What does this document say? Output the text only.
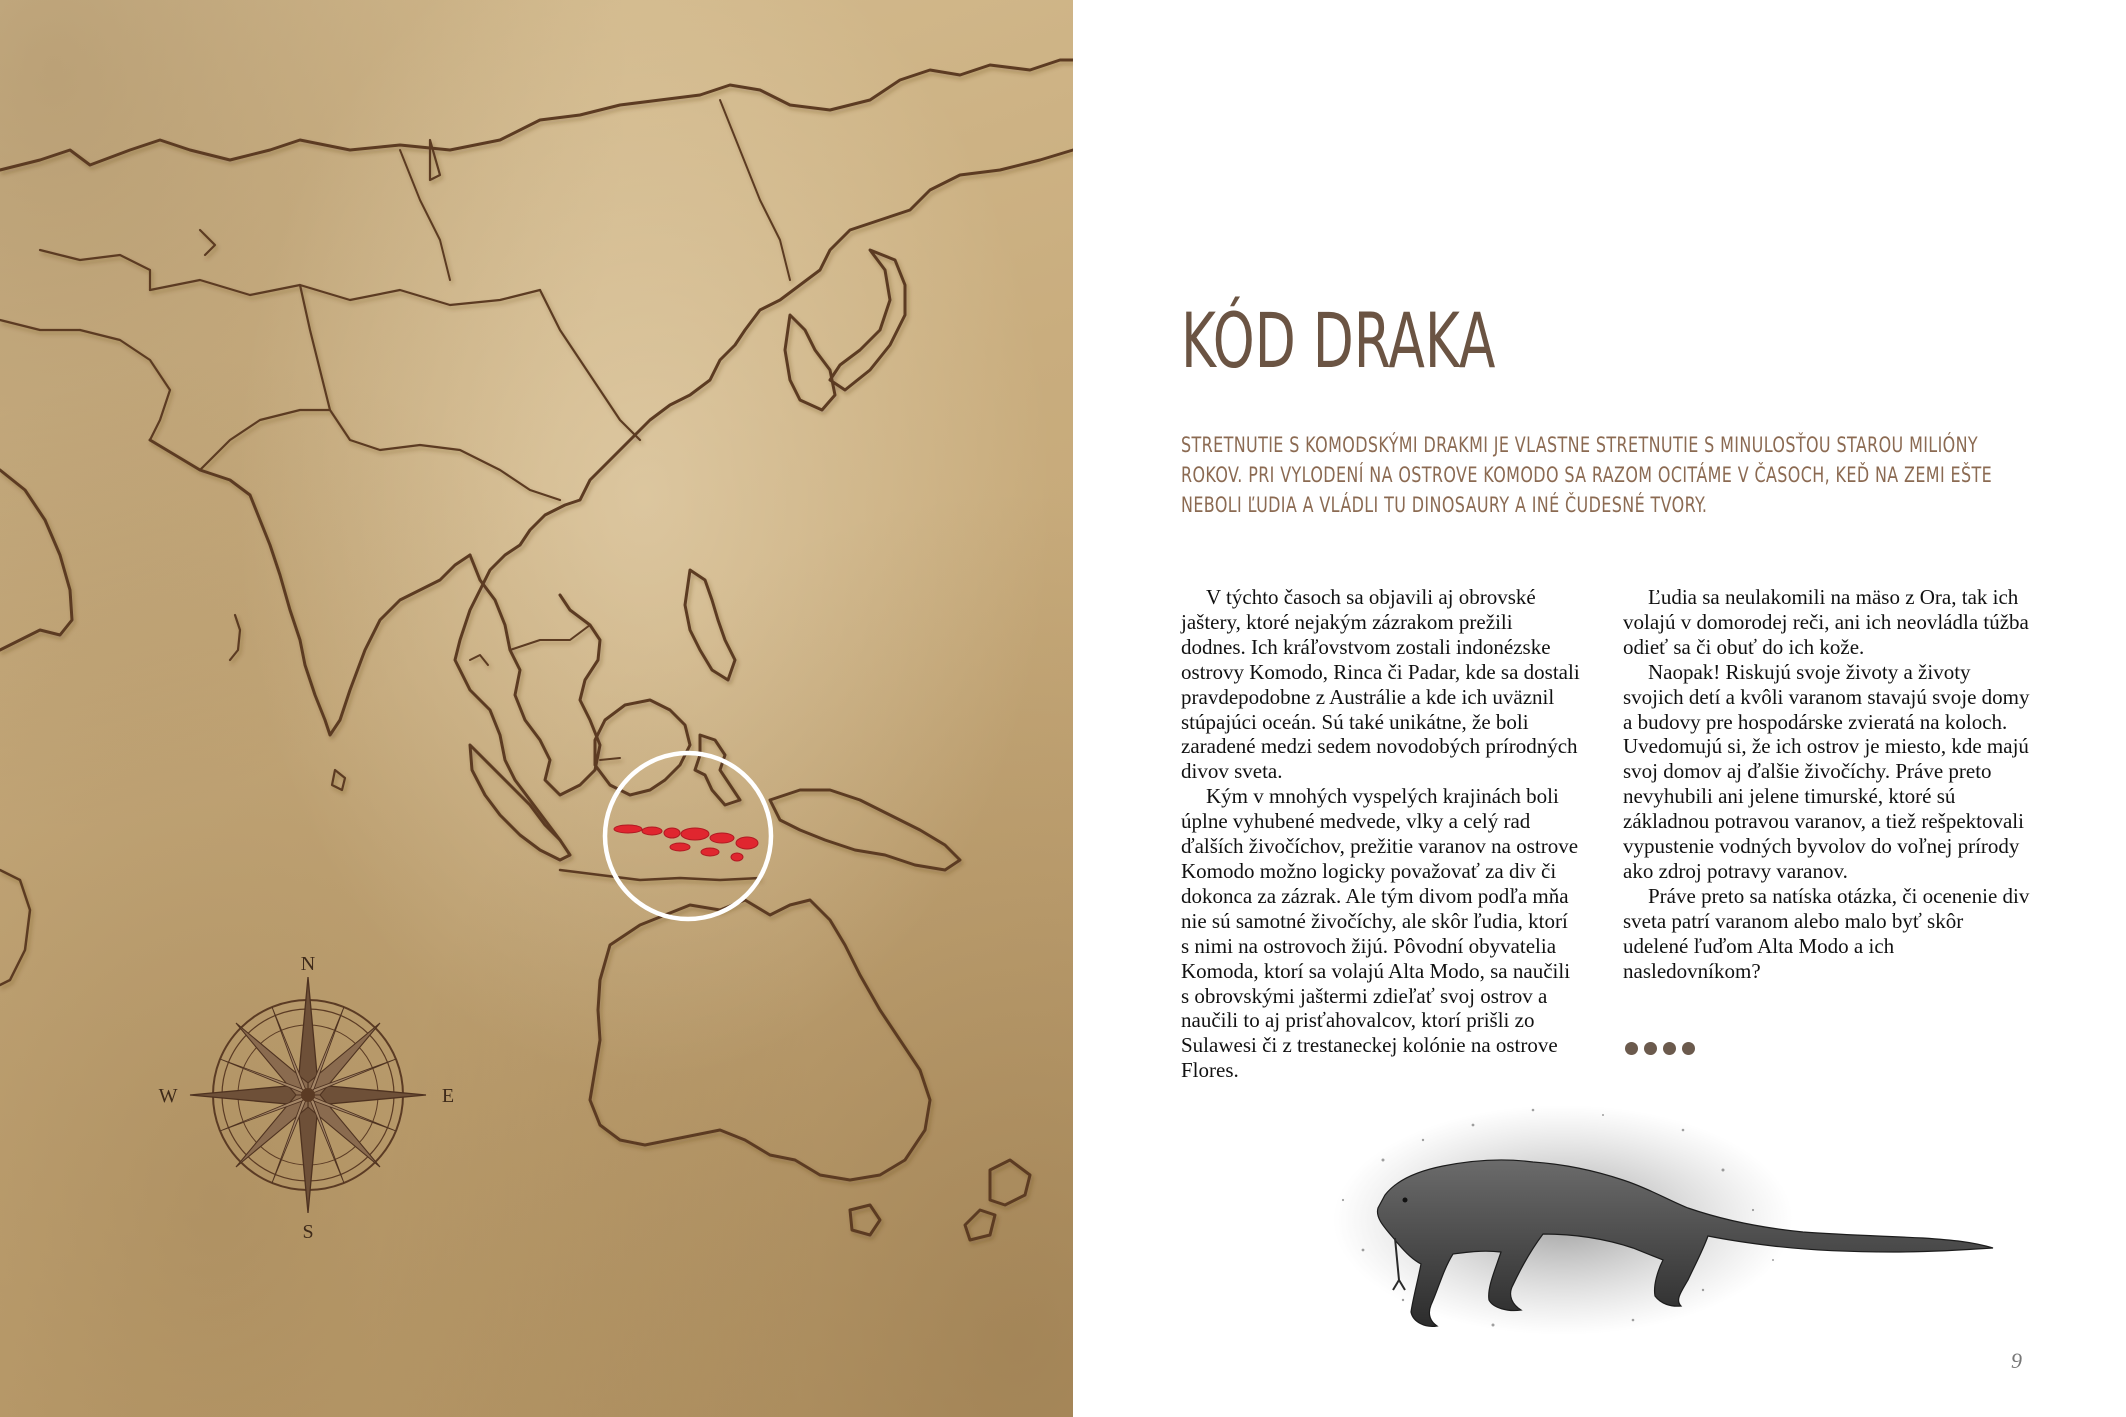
N
S
E
W
KÓD DRAKA

STRETNUTIE S KOMODSKÝMI DRAKMI JE VLASTNE STRETNUTIE S MINULOSŤOU STAROU MILIÓNY ROKOV. PRI VYLODENÍ NA OSTROVE KOMODO SA RAZOM OCITÁME V ČASOCH, KEĎ NA ZEMI EŠTE NEBOLI ĽUDIA A VLÁDLI TU DINOSAURY A INÉ ČUDESNÉ TVORY.

V týchto časoch sa objavili aj obrovské jaštery, ktoré nejakým zázrakom prežili dodnes. Ich kráľovstvom zostali indonézske ostrovy Komodo, Rinca či Padar, kde sa dostali pravdepodobne z Austrálie a kde ich uväznil stúpajúci oceán. Sú také unikátne, že boli zaradené medzi sedem novodobých prírodných divov sveta.

Kým v mnohých vyspelých krajinách boli úplne vyhubené medvede, vlky a celý rad ďalších živočíchov, prežitie varanov na ostrove Komodo možno logicky považovať za div či dokonca za zázrak. Ale tým divom podľa mňa nie sú samotné živočíchy, ale skôr ľudia, ktorí s nimi na ostrovoch žijú. Pôvodní obyvatelia Komoda, ktorí sa volajú Alta Modo, sa naučili s obrovskými jaštermi zdieľať svoj ostrov a naučili to aj prisťahovalcov, ktorí prišli zo Sulawesi či z trestaneckej kolónie na ostrove Flores.

Ľudia sa neulakomili na mäso z Ora, tak ich volajú v domorodej reči, ani ich neovládla túžba odieť sa či obuť do ich kože.

Naopak! Riskujú svoje životy a životy svojich detí a kvôli varanom stavajú svoje domy a budovy pre hospodárske zvieratá na koloch. Uvedomujú si, že ich ostrov je miesto, kde majú svoj domov aj ďalšie živočíchy. Práve preto nevyhubili ani jelene timurské, ktoré sú základnou potravou varanov, a tiež rešpektovali vypustenie vodných byvolov do voľnej prírody ako zdroj potravy varanov.

Práve preto sa natíska otázka, či ocenenie div sveta patrí varanom alebo malo byť skôr udelené ľuďom Alta Modo a ich nasledovníkom?

9
